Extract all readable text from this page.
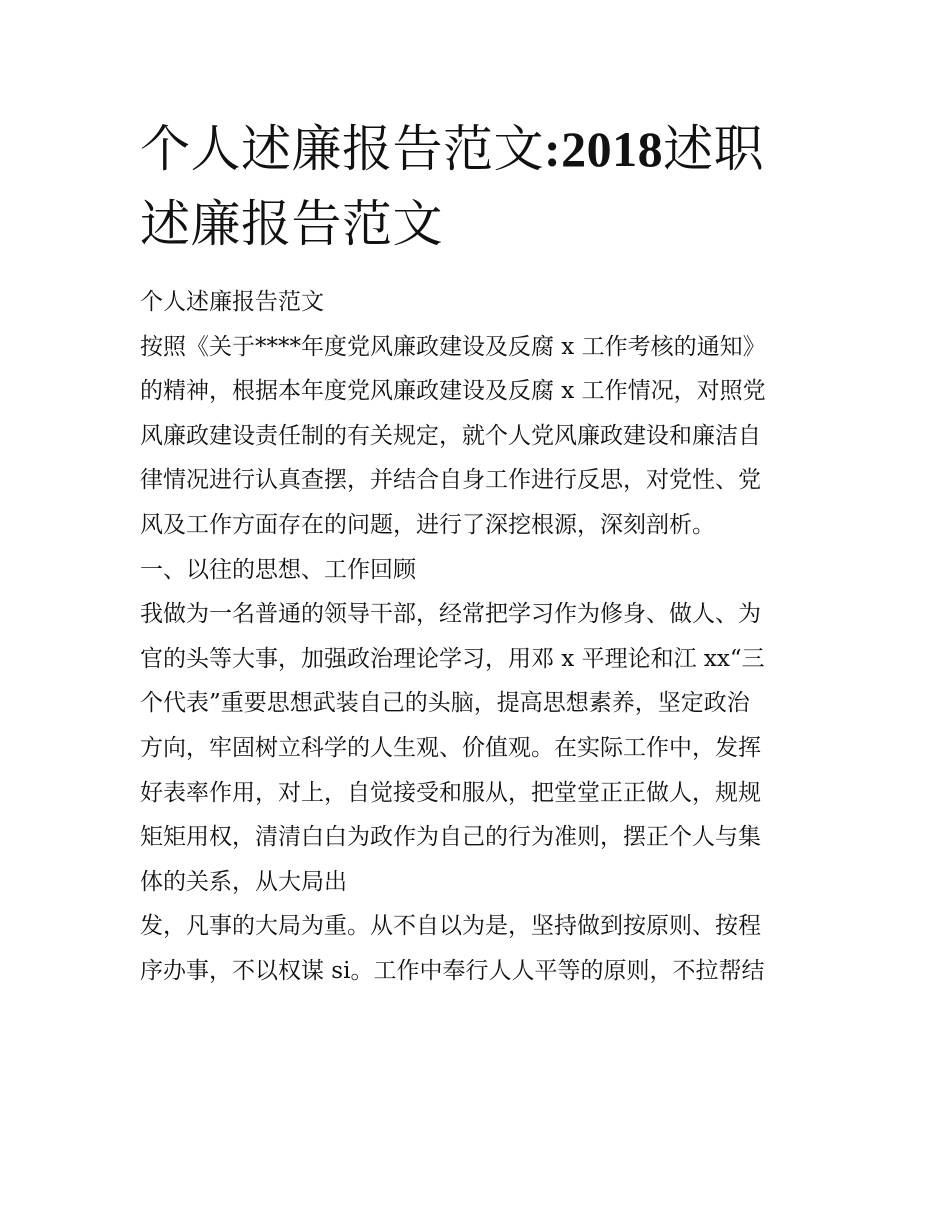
个人述廉报告范文:2018述职
述廉报告范文

个人述廉报告范文

按照《关于****年度党风廉政建设及反腐 x 工作考核的通知》

的精神，根据本年度党风廉政建设及反腐 x 工作情况，对照党

风廉政建设责任制的有关规定，就个人党风廉政建设和廉洁自

律情况进行认真查摆，并结合自身工作进行反思，对党性、党

风及工作方面存在的问题，进行了深挖根源，深刻剖析。

一、以往的思想、工作回顾

我做为一名普通的领导干部，经常把学习作为修身、做人、为

官的头等大事，加强政治理论学习，用邓 x 平理论和江 xx“三

个代表”重要思想武装自己的头脑，提高思想素养，坚定政治

方向，牢固树立科学的人生观、价值观。在实际工作中，发挥

好表率作用，对上，自觉接受和服从，把堂堂正正做人，规规

矩矩用权，清清白白为政作为自己的行为准则，摆正个人与集

体的关系，从大局出

发，凡事的大局为重。从不自以为是，坚持做到按原则、按程

序办事，不以权谋 si。工作中奉行人人平等的原则，不拉帮结
